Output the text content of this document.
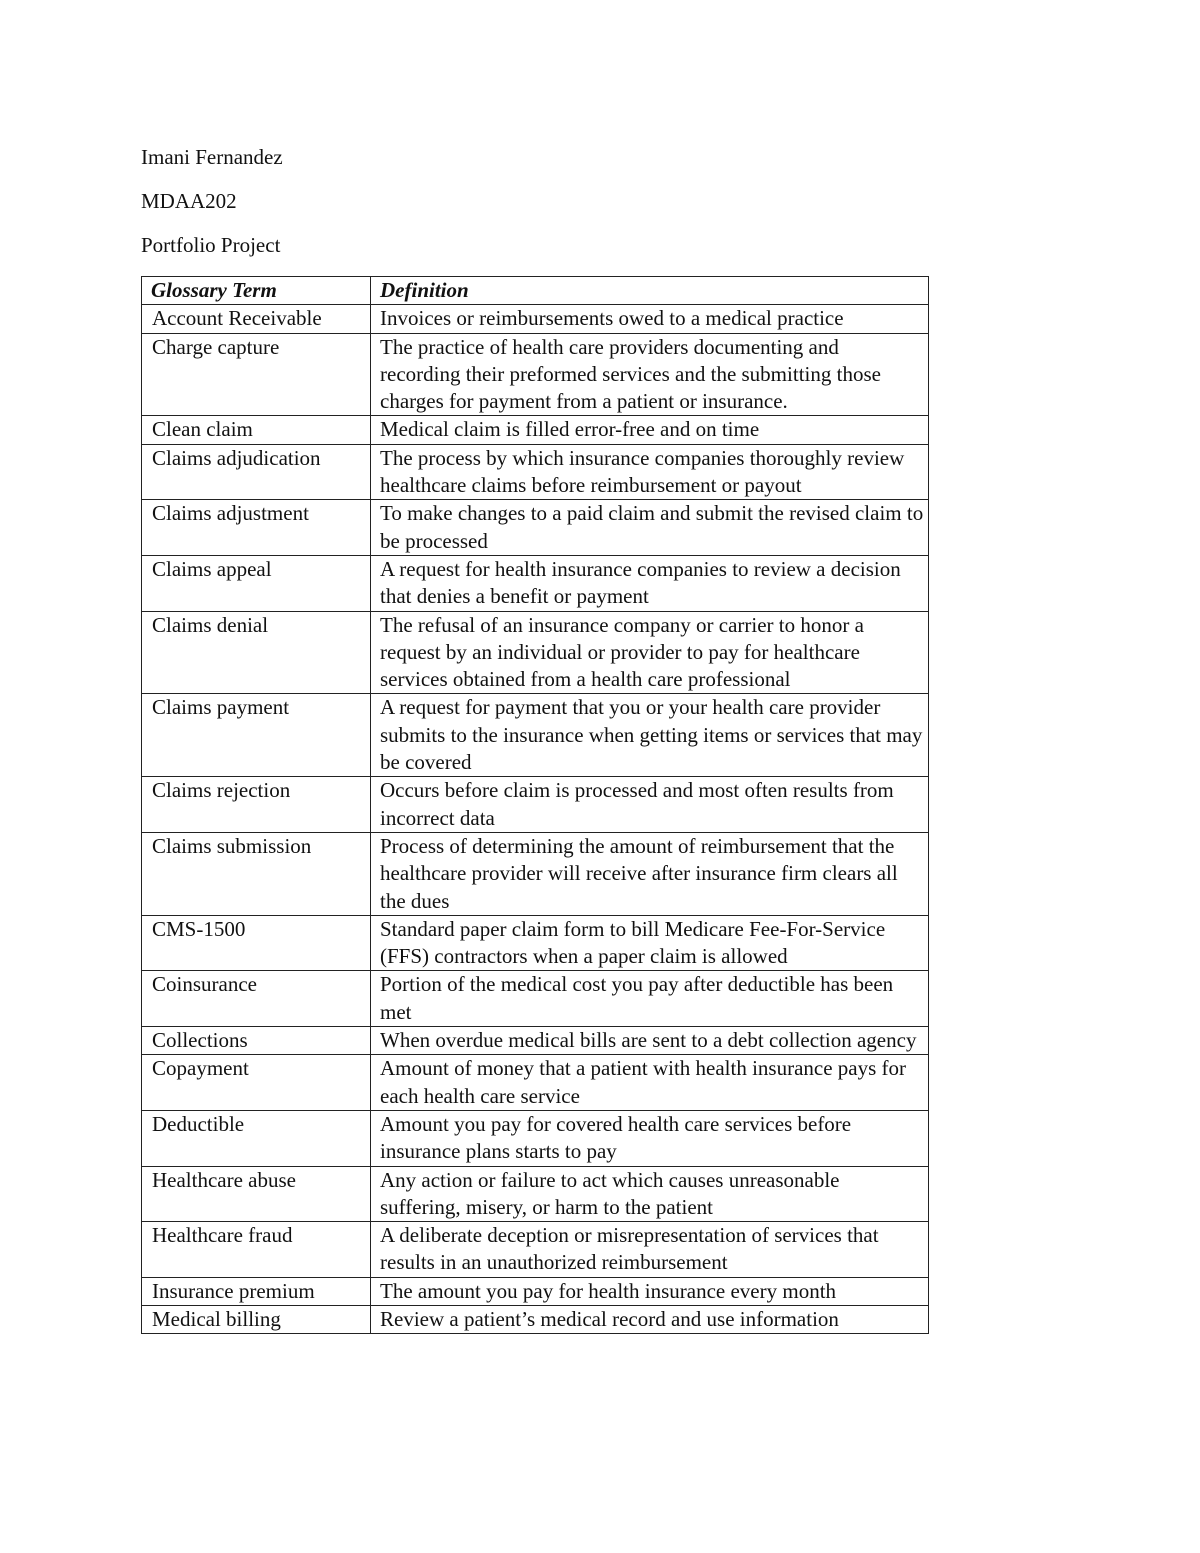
Imani Fernandez
MDAA202
Portfolio Project
Glossary Term	Definition
Account Receivable	Invoices or reimbursements owed to a medical practice
Charge capture	The practice of health care providers documenting and recording their preformed services and the submitting those charges for payment from a patient or insurance.
Clean claim	Medical claim is filled error-free and on time
Claims adjudication	The process by which insurance companies thoroughly review healthcare claims before reimbursement or payout
Claims adjustment	To make changes to a paid claim and submit the revised claim to be processed
Claims appeal	A request for health insurance companies to review a decision that denies a benefit or payment
Claims denial	The refusal of an insurance company or carrier to honor a request by an individual or provider to pay for healthcare services obtained from a health care professional
Claims payment	A request for payment that you or your health care provider submits to the insurance when getting items or services that may be covered
Claims rejection	Occurs before claim is processed and most often results from incorrect data
Claims submission	Process of determining the amount of reimbursement that the healthcare provider will receive after insurance firm clears all the dues
CMS-1500	Standard paper claim form to bill Medicare Fee-For-Service (FFS) contractors when a paper claim is allowed
Coinsurance	Portion of the medical cost you pay after deductible has been met
Collections	When overdue medical bills are sent to a debt collection agency
Copayment	Amount of money that a patient with health insurance pays for each health care service
Deductible	Amount you pay for covered health care services before insurance plans starts to pay
Healthcare abuse	Any action or failure to act which causes unreasonable suffering, misery, or harm to the patient
Healthcare fraud	A deliberate deception or misrepresentation of services that results in an unauthorized reimbursement
Insurance premium	The amount you pay for health insurance every month
Medical billing	Review a patient’s medical record and use information
